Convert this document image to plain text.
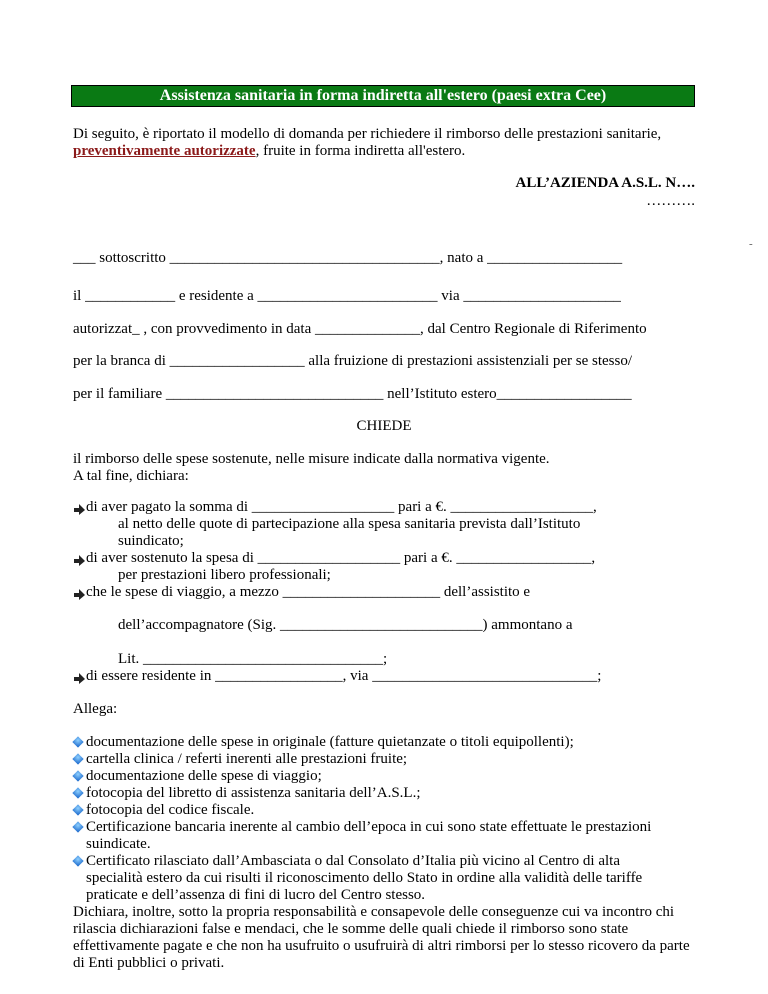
Assistenza sanitaria in forma indiretta all'estero (paesi extra Cee)
Di seguito, è riportato il modello di domanda per richiedere il rimborso delle prestazioni sanitarie, preventivamente autorizzate, fruite in forma indiretta all'estero.
ALL’AZIENDA A.S.L. N….
……….
-
___ sottoscritto ____________________________________, nato a __________________
il ____________ e residente a ________________________ via _____________________
autorizzat_ , con provvedimento in data ______________, dal Centro Regionale di Riferimento
per la branca di __________________ alla fruizione di prestazioni assistenziali per se stesso/
per il familiare _____________________________ nell’Istituto estero__________________
CHIEDE
il rimborso delle spese sostenute, nelle misure indicate dalla normativa vigente.
A tal fine, dichiara:
di aver pagato la somma di ___________________ pari a €. ___________________,
al netto delle quote di partecipazione alla spesa sanitaria prevista dall’Istituto
suindicato;
di aver sostenuto la spesa di ___________________ pari a €. __________________,
per prestazioni libero professionali;
che le spese di viaggio, a mezzo _____________________ dell’assistito e
dell’accompagnatore (Sig. ___________________________) ammontano a
Lit. ________________________________;
di essere residente in _________________, via ______________________________;
Allega:
documentazione delle spese in originale (fatture quietanzate o titoli equipollenti);
cartella clinica / referti inerenti alle prestazioni fruite;
documentazione delle spese di viaggio;
fotocopia del libretto di assistenza sanitaria dell’A.S.L.;
fotocopia del codice fiscale.
Certificazione bancaria inerente al cambio dell’epoca in cui sono state effettuate le prestazioni
suindicate.
Certificato rilasciato dall’Ambasciata o dal Consolato d’Italia più vicino al Centro di alta
specialità estero da cui risulti il riconoscimento dello Stato in ordine alla validità delle tariffe
praticate e dell’assenza di fini di lucro del Centro stesso.
Dichiara, inoltre, sotto la propria responsabilità e consapevole delle conseguenze cui va incontro chi rilascia dichiarazioni false e mendaci, che le somme delle quali chiede il rimborso sono state effettivamente pagate e che non ha usufruito o usufruirà di altri rimborsi per lo stesso ricovero da parte di Enti pubblici o privati.
